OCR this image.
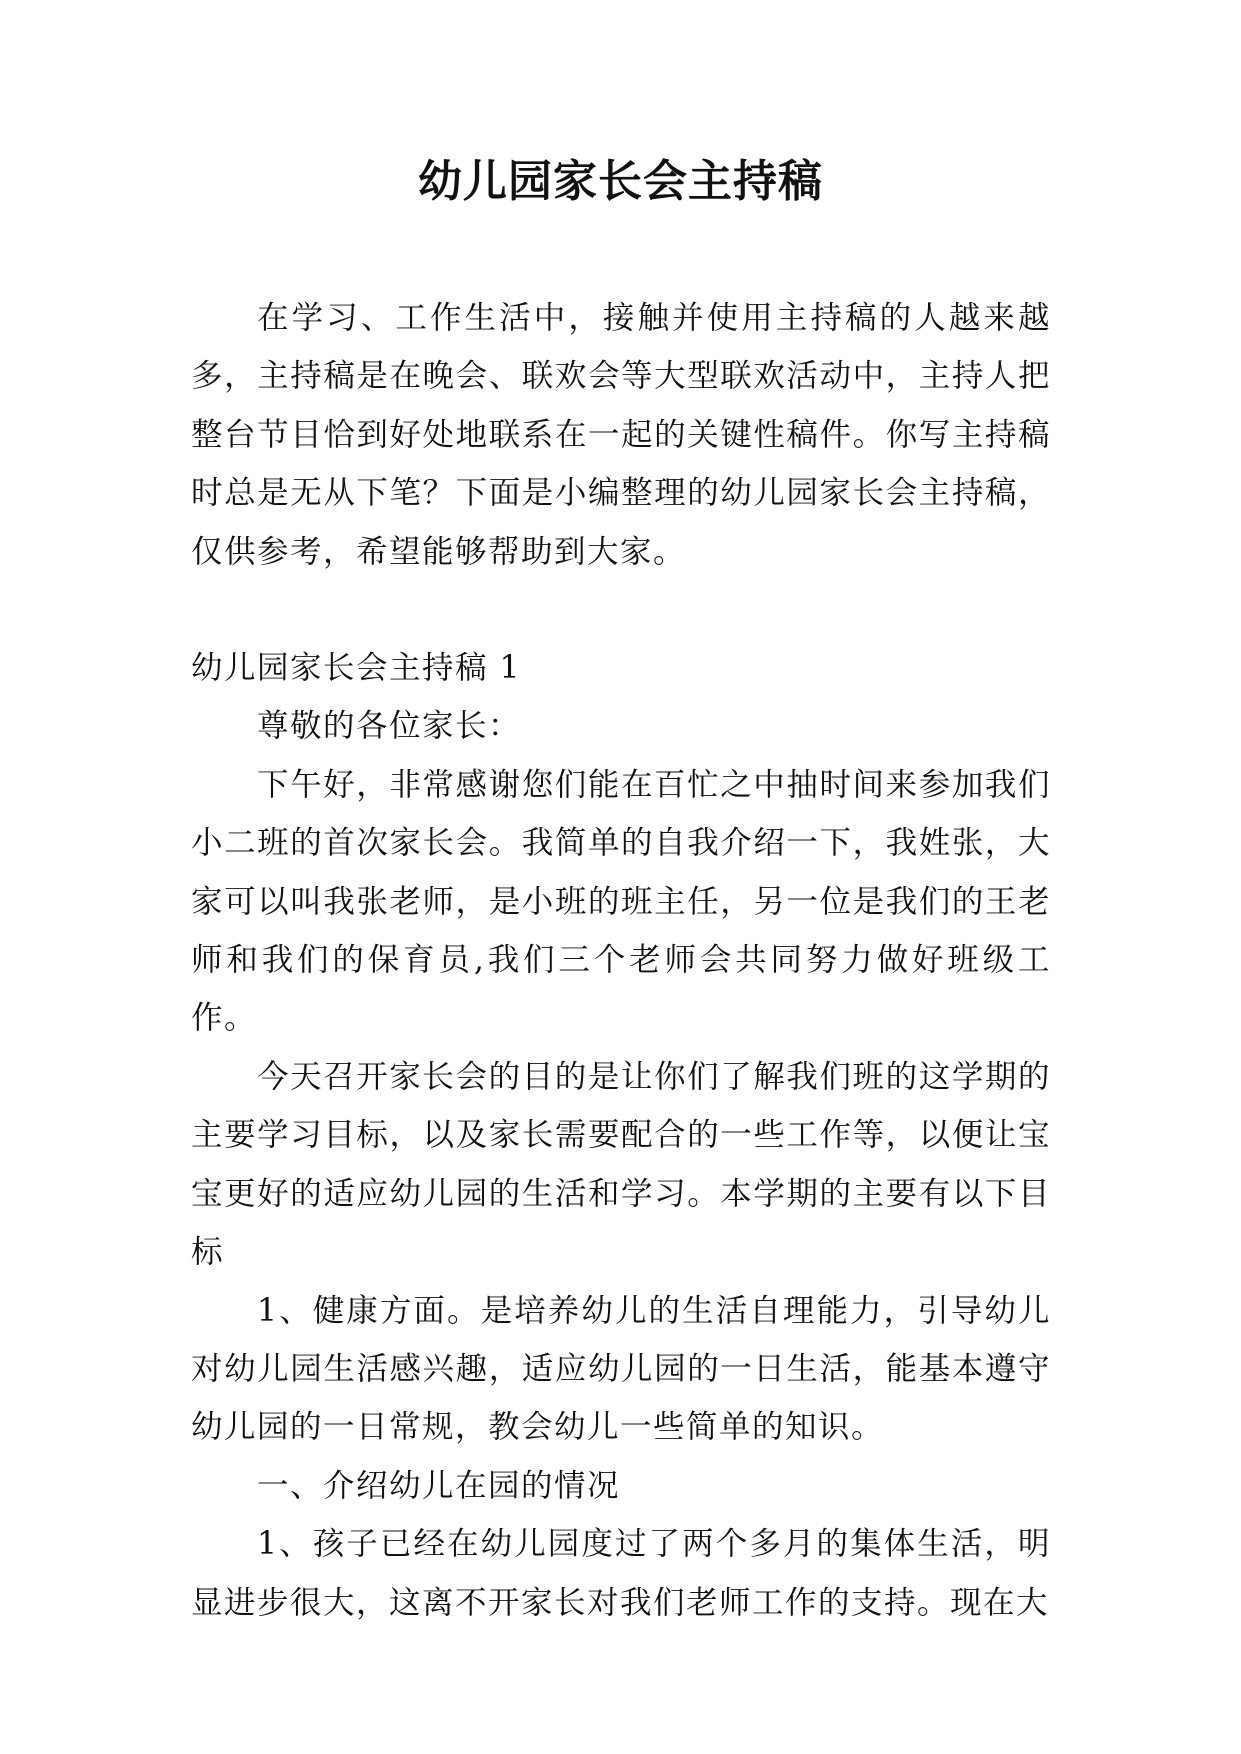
幼儿园家长会主持稿

在学习、工作生活中，接触并使用主持稿的人越来越多，主持稿是在晚会、联欢会等大型联欢活动中，主持人把整台节目恰到好处地联系在一起的关键性稿件。你写主持稿时总是无从下笔？下面是小编整理的幼儿园家长会主持稿，仅供参考，希望能够帮助到大家。

幼儿园家长会主持稿 1

尊敬的各位家长：

下午好，非常感谢您们能在百忙之中抽时间来参加我们小二班的首次家长会。我简单的自我介绍一下，我姓张，大家可以叫我张老师，是小班的班主任，另一位是我们的王老师和我们的保育员,我们三个老师会共同努力做好班级工作。

今天召开家长会的目的是让你们了解我们班的这学期的主要学习目标，以及家长需要配合的一些工作等，以便让宝宝更好的适应幼儿园的生活和学习。本学期的主要有以下目标

1、健康方面。是培养幼儿的生活自理能力，引导幼儿对幼儿园生活感兴趣，适应幼儿园的一日生活，能基本遵守幼儿园的一日常规，教会幼儿一些简单的知识。

一、介绍幼儿在园的情况

1、孩子已经在幼儿园度过了两个多月的集体生活，明显进步很大，这离不开家长对我们老师工作的支持。现在大
